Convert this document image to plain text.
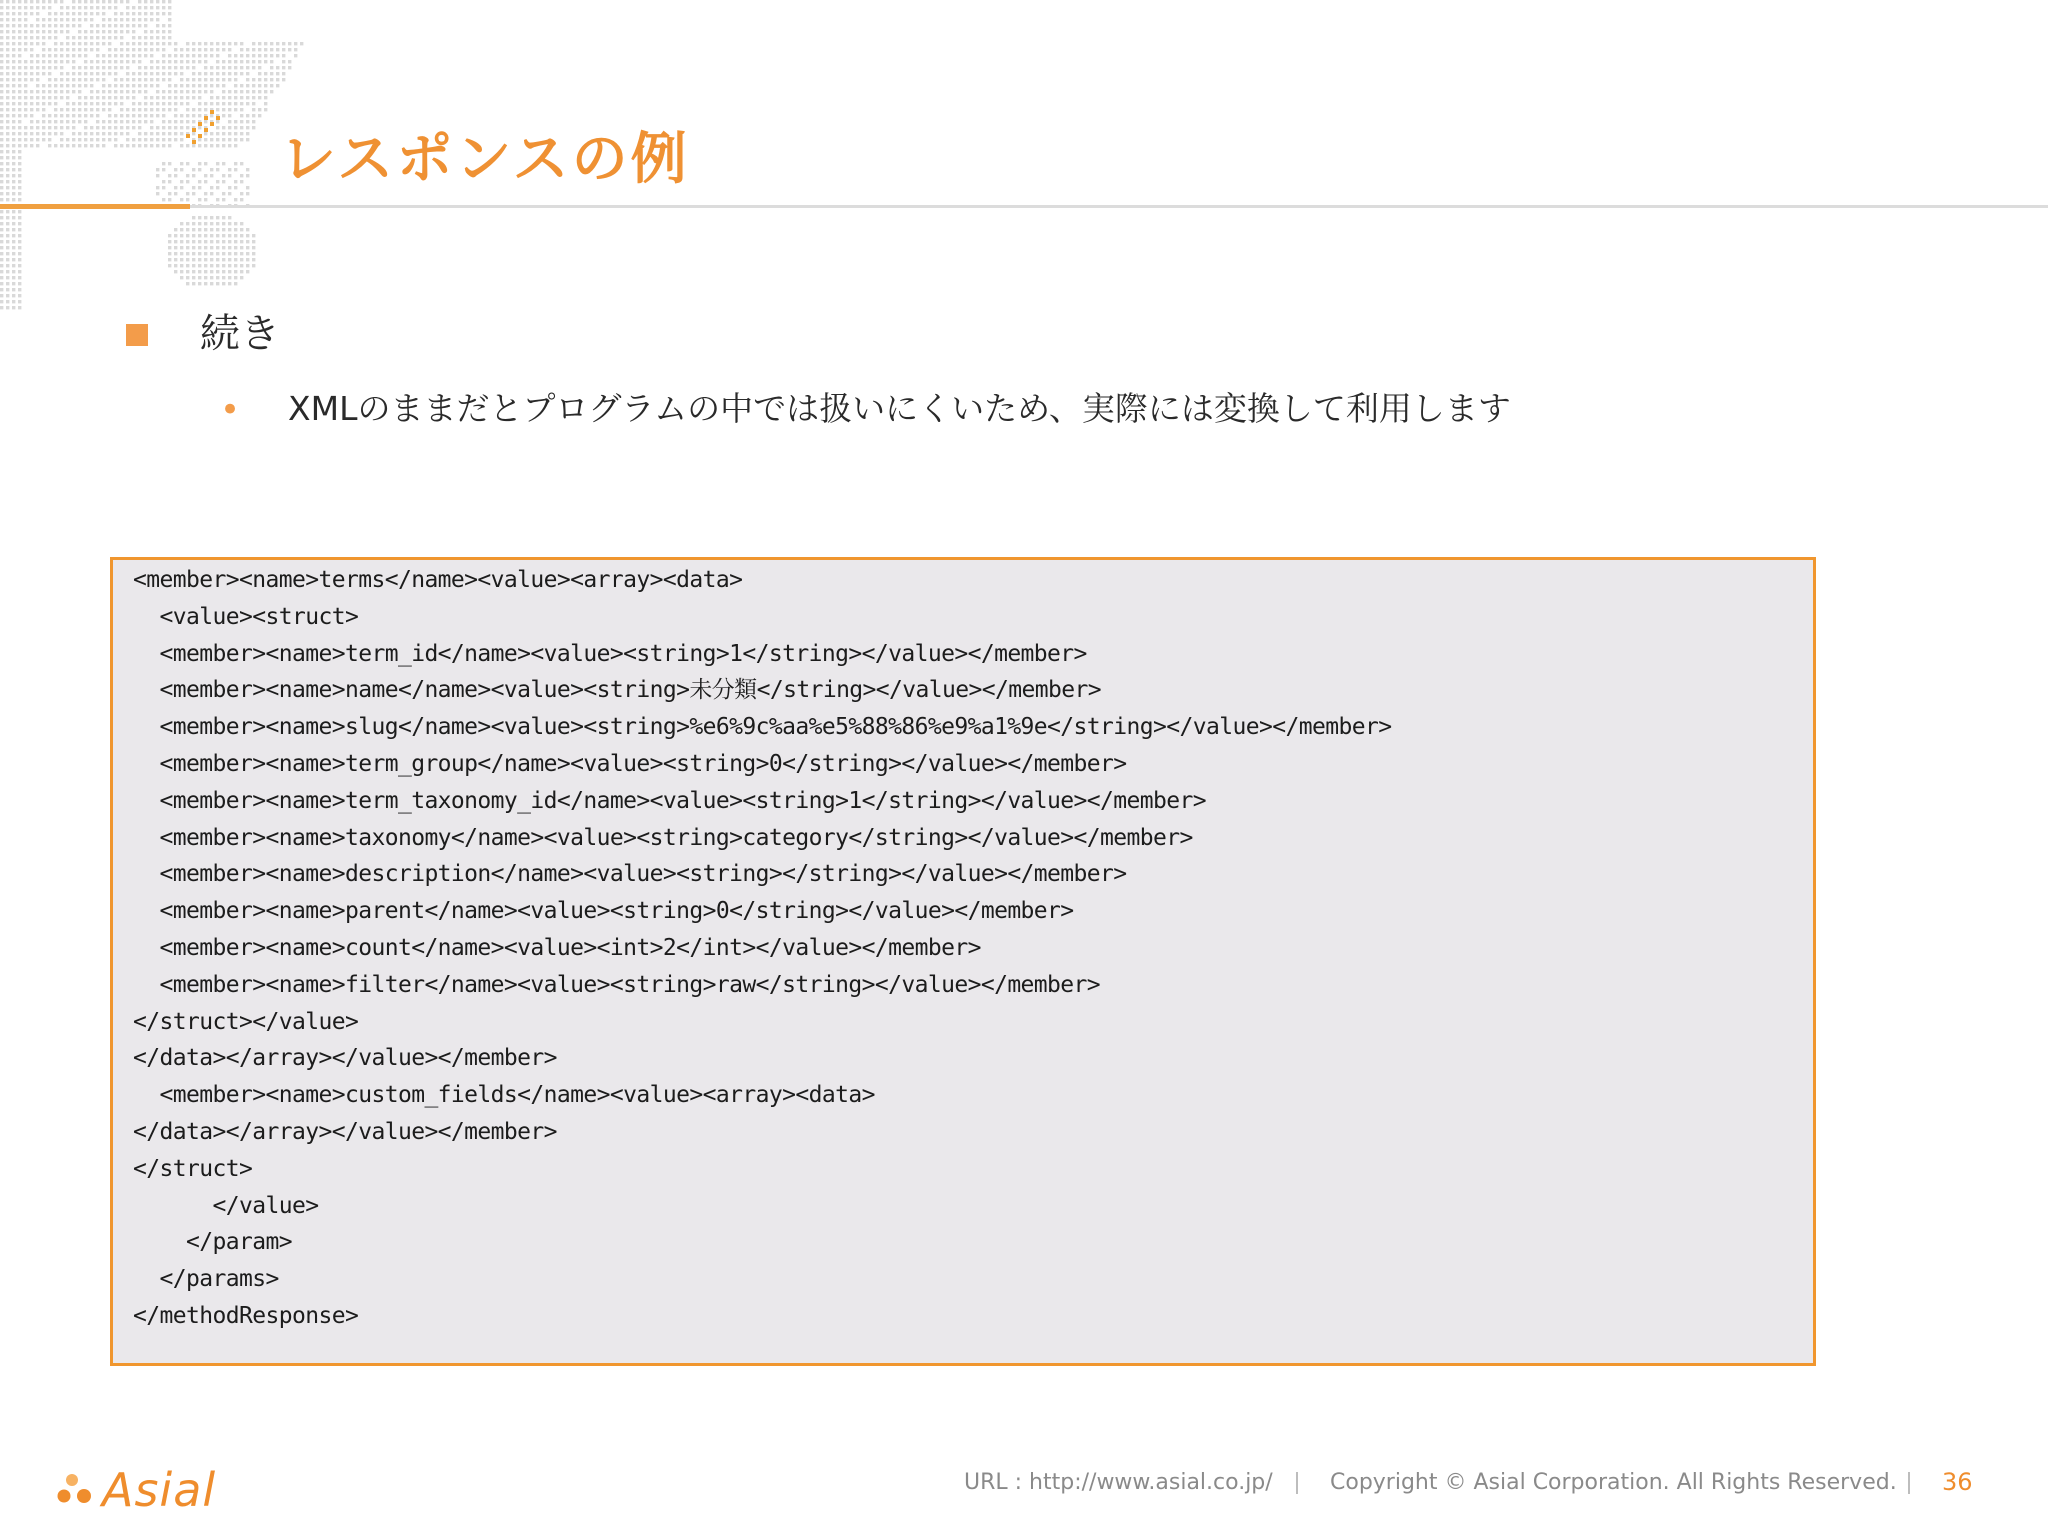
レスポンスの例
続き
• XMLのままだとプログラムの中では扱いにくいため、実際には変換して利用します
<member><name>terms</name><value><array><data>
<value><struct>
<member><name>term_id</name><value><string>1</string></value></member>
<member><name>name</name><value><string>未分類</string></value></member>
<member><name>slug</name><value><string>%e6%9c%aa%e5%88%86%e9%a1%9e</string></value></member>
<member><name>term_group</name><value><string>0</string></value></member>
<member><name>term_taxonomy_id</name><value><string>1</string></value></member>
<member><name>taxonomy</name><value><string>category</string></value></member>
<member><name>description</name><value><string></string></value></member>
<member><name>parent</name><value><string>0</string></value></member>
<member><name>count</name><value><int>2</int></value></member>
<member><name>filter</name><value><string>raw</string></value></member>
</struct></value>
</data></array></value></member>
<member><name>custom_fields</name><value><array><data>
</data></array></value></member>
</struct>
</value>
</param>
</params>
</methodResponse>
Asial	URL : http://www.asial.co.jp/	Copyright © Asial Corporation. All Rights Reserved. 36
